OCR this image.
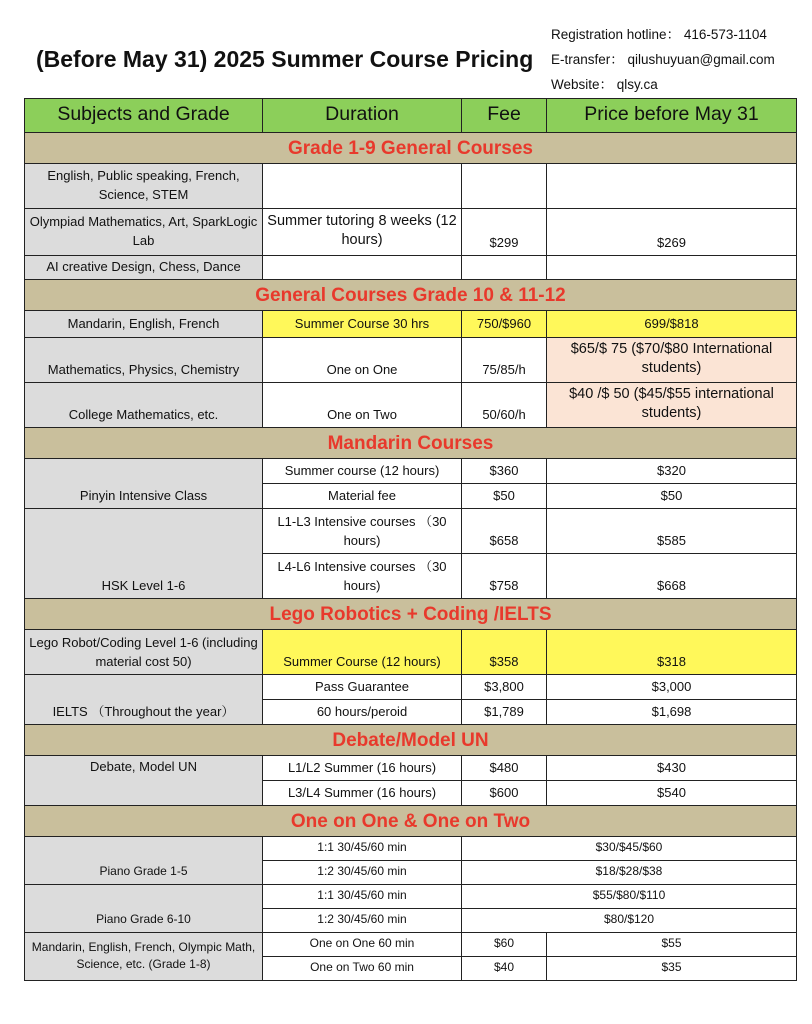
(Before May 31) 2025 Summer Course Pricing
Registration hotline： 416-573-1104
E-transfer： qilushuyuan@gmail.com
Website： qlsy.ca
Subjects and Grade	Duration	Fee	Price before May 31
Grade 1-9 General Courses			
English, Public speaking, French, Science, STEM			
Olympiad Mathematics, Art, SparkLogic Lab	Summer tutoring 8 weeks (12 hours)	$299	$269
AI creative Design, Chess, Dance			
General Courses Grade 10 & 11-12			
Mandarin, English, French	Summer Course 30 hrs	750/$960	699/$818
Mathematics, Physics, Chemistry	One on One	75/85/h	$65/$ 75 ($70/$80 International students)
College Mathematics, etc.	One on Two	50/60/h	$40 /$ 50 ($45/$55 international students)
Mandarin Courses			
Pinyin Intensive Class	Summer course (12 hours)	$360	$320
	Material fee	$50	$50
HSK Level 1-6	L1-L3 Intensive courses （30 hours)	$658	$585
	L4-L6 Intensive courses （30 hours)	$758	$668
Lego Robotics + Coding /IELTS			
Lego Robot/Coding Level 1-6 (including material cost 50)	Summer Course (12 hours)	$358	$318
IELTS （Throughout the year）	Pass Guarantee	$3,800	$3,000
	60 hours/peroid	$1,789	$1,698
Debate/Model UN			
Debate, Model UN	L1/L2 Summer (16 hours)	$480	$430
	L3/L4 Summer (16 hours)	$600	$540
One on One & One on Two			
Piano Grade 1-5	1:1 30/45/60 min	$30/$45/$60	
	1:2 30/45/60 min	$18/$28/$38	
Piano Grade 6-10	1:1 30/45/60 min	$55/$80/$110	
	1:2 30/45/60 min	$80/$120	
Mandarin, English, French, Olympic Math, Science, etc. (Grade 1-8)	One on One 60 min	$60	$55
	One on Two 60 min	$40	$35
